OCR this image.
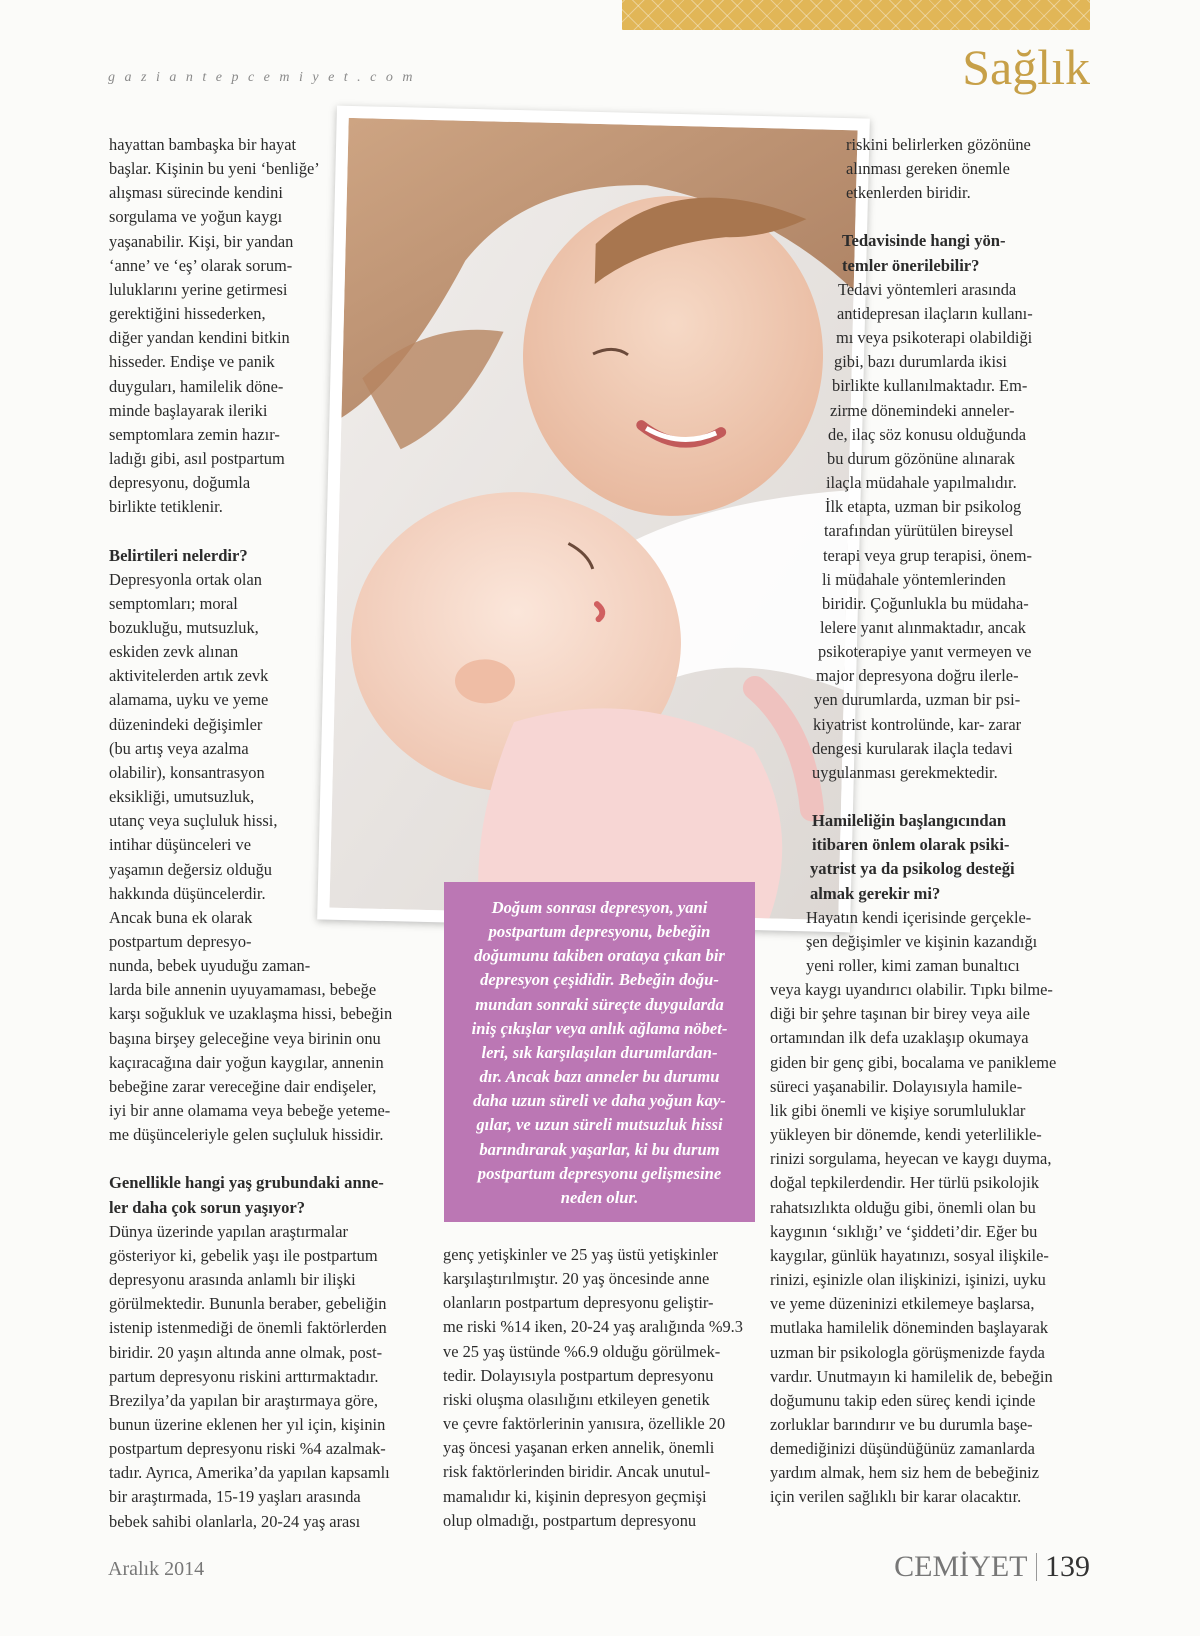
gaziantepcemiyet.com	Sağlık
hayattan bambaşka bir hayat
başlar. Kişinin bu yeni ‘benliğe’
alışması sürecinde kendini
sorgulama ve yoğun kaygı
yaşanabilir. Kişi, bir yandan
‘anne’ ve ‘eş’ olarak sorum-
luluklarını yerine getirmesi
gerektiğini hissederken,
diğer yandan kendini bitkin
hisseder. Endişe ve panik
duyguları, hamilelik döne-
minde başlayarak ileriki
semptomlara zemin hazır-
ladığı gibi, asıl postpartum
depresyonu, doğumla
birlikte tetiklenir.
Belirtileri nelerdir?
Depresyonla ortak olan
semptomları; moral
bozukluğu, mutsuzluk,
eskiden zevk alınan
aktivitelerden artık zevk
alamama, uyku ve yeme
düzenindeki değişimler
(bu artış veya azalma
olabilir), konsantrasyon
eksikliği, umutsuzluk,
utanç veya suçluluk hissi,
intihar düşünceleri ve
yaşamın değersiz olduğu
hakkında düşüncelerdir.
Ancak buna ek olarak
postpartum depresyo-
nunda, bebek uyuduğu zaman-
larda bile annenin uyuyamaması, bebeğe
karşı soğukluk ve uzaklaşma hissi, bebeğin
başına birşey geleceğine veya birinin onu
kaçıracağına dair yoğun kaygılar, annenin
bebeğine zarar vereceğine dair endişeler,
iyi bir anne olamama veya bebeğe yeteme-
me düşünceleriyle gelen suçluluk hissidir.
Genellikle hangi yaş grubundaki anne-
ler daha çok sorun yaşıyor?
Dünya üzerinde yapılan araştırmalar
gösteriyor ki, gebelik yaşı ile postpartum
depresyonu arasında anlamlı bir ilişki
görülmektedir. Bununla beraber, gebeliğin
istenip istenmediği de önemli faktörlerden
biridir. 20 yaşın altında anne olmak, post-
partum depresyonu riskini arttırmaktadır.
Brezilya’da yapılan bir araştırmaya göre,
bunun üzerine eklenen her yıl için, kişinin
postpartum depresyonu riski %4 azalmak-
tadır. Ayrıca, Amerika’da yapılan kapsamlı
bir araştırmada, 15-19 yaşları arasında
bebek sahibi olanlarla, 20-24 yaş arası
Doğum sonrası depresyon, yani
postpartum depresyonu, bebeğin
doğumunu takiben orataya çıkan bir
depresyon çeşididir. Bebeğin doğu-
mundan sonraki süreçte duygularda
iniş çıkışlar veya anlık ağlama nöbet-
leri, sık karşılaşılan durumlardan-
dır. Ancak bazı anneler bu durumu
daha uzun süreli ve daha yoğun kay-
gılar, ve uzun süreli mutsuzluk hissi
barındırarak yaşarlar, ki bu durum
postpartum depresyonu gelişmesine
neden olur.
genç yetişkinler ve 25 yaş üstü yetişkinler
karşılaştırılmıştır. 20 yaş öncesinde anne
olanların postpartum depresyonu geliştir-
me riski %14 iken, 20-24 yaş aralığında %9.3
ve 25 yaş üstünde %6.9 olduğu görülmek-
tedir. Dolayısıyla postpartum depresyonu
riski oluşma olasılığını etkileyen genetik
ve çevre faktörlerinin yanısıra, özellikle 20
yaş öncesi yaşanan erken annelik, önemli
risk faktörlerinden biridir. Ancak unutul-
mamalıdır ki, kişinin depresyon geçmişi
olup olmadığı, postpartum depresyonu
riskini belirlerken gözönüne
alınması gereken önemle
etkenlerden biridir.
Tedavisinde hangi yön-
temler önerilebilir?
Tedavi yöntemleri arasında
antidepresan ilaçların kullanı-
mı veya psikoterapi olabildiği
gibi, bazı durumlarda ikisi
birlikte kullanılmaktadır. Em-
zirme dönemindeki anneler-
de, ilaç söz konusu olduğunda
bu durum gözönüne alınarak
ilaçla müdahale yapılmalıdır.
İlk etapta, uzman bir psikolog
tarafından yürütülen bireysel
terapi veya grup terapisi, önem-
li müdahale yöntemlerinden
biridir. Çoğunlukla bu müdaha-
lelere yanıt alınmaktadır, ancak
psikoterapiye yanıt vermeyen ve
major depresyona doğru ilerle-
yen durumlarda, uzman bir psi-
kiyatrist kontrolünde, kar- zarar
dengesi kurularak ilaçla tedavi
uygulanması gerekmektedir.
Hamileliğin başlangıcından
itibaren önlem olarak psiki-
yatrist ya da psikolog desteği
almak gerekir mi?
Hayatın kendi içerisinde gerçekle-
şen değişimler ve kişinin kazandığı
yeni roller, kimi zaman bunaltıcı
veya kaygı uyandırıcı olabilir. Tıpkı bilme-
diği bir şehre taşınan bir birey veya aile
ortamından ilk defa uzaklaşıp okumaya
giden bir genç gibi, bocalama ve panikleme
süreci yaşanabilir. Dolayısıyla hamile-
lik gibi önemli ve kişiye sorumluluklar
yükleyen bir dönemde, kendi yeterlilikle-
rinizi sorgulama, heyecan ve kaygı duyma,
doğal tepkilerdendir. Her türlü psikolojik
rahatsızlıkta olduğu gibi, önemli olan bu
kaygının ‘sıklığı’ ve ‘şiddeti’dir. Eğer bu
kaygılar, günlük hayatınızı, sosyal ilişkile-
rinizi, eşinizle olan ilişkinizi, işinizi, uyku
ve yeme düzeninizi etkilemeye başlarsa,
mutlaka hamilelik döneminden başlayarak
uzman bir psikologla görüşmenizde fayda
vardır. Unutmayın ki hamilelik de, bebeğin
doğumunu takip eden süreç kendi içinde
zorluklar barındırır ve bu durumla başe-
demediğinizi düşündüğünüz zamanlarda
yardım almak, hem siz hem de bebeğiniz
için verilen sağlıklı bir karar olacaktır.
Aralık 2014	CEMİYET 139
